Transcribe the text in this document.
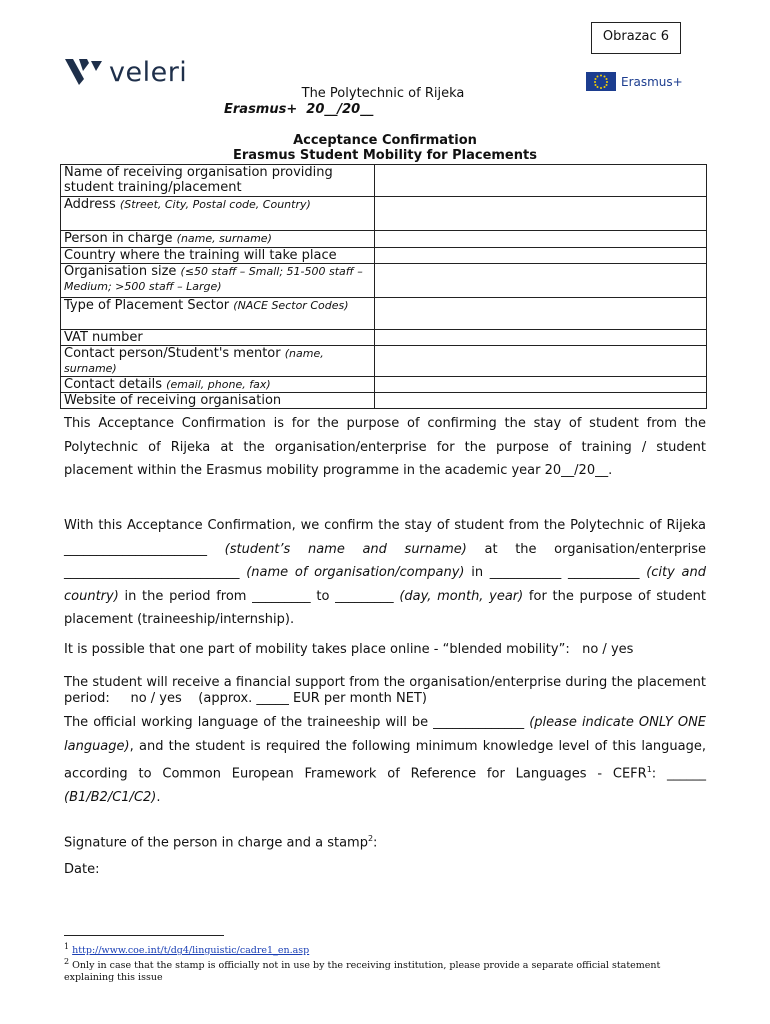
Obrazac 6
veleri	Erasmus+
The Polytechnic of Rijeka
Erasmus+  20__/20__
Acceptance Confirmation
Erasmus Student Mobility for Placements
Name of receiving organisation providing student training/placement	
Address (Street, City, Postal code, Country)	
Person in charge (name, surname)	
Country where the training will take place	
Organisation size (≤50 staff – Small; 51-500 staff – Medium; >500 staff – Large)	
Type of Placement Sector (NACE Sector Codes)	
VAT number	
Contact person/Student's mentor (name, surname)	
Contact details (email, phone, fax)	
Website of receiving organisation	
This Acceptance Confirmation is for the purpose of confirming the stay of student from the Polytechnic of Rijeka at the organisation/enterprise for the purpose of training / student placement within the Erasmus mobility programme in the academic year 20__/20__.
With this Acceptance Confirmation, we confirm the stay of student from the Polytechnic of Rijeka ______________________ (student’s name and surname) at the organisation/enterprise ___________________________ (name of organisation/company) in ___________ ___________ (city and country) in the period from _________ to _________ (day, month, year) for the purpose of student placement (traineeship/internship).
It is possible that one part of mobility takes place online - “blended mobility”:   no / yes
The student will receive a financial support from the organisation/enterprise during the placement period:     no / yes    (approx. _____ EUR per month NET)
The official working language of the traineeship will be ______________ (please indicate ONLY ONE language), and the student is required the following minimum knowledge level of this language, according to Common European Framework of Reference for Languages - CEFR$^1$: ______ (B1/B2/C1/C2).
Signature of the person in charge and a stamp$^2$:
Date:
$^1$ http://www.coe.int/t/dg4/linguistic/cadre1_en.asp
$^2$ Only in case that the stamp is officially not in use by the receiving institution, please provide a separate official statement explaining this issue
